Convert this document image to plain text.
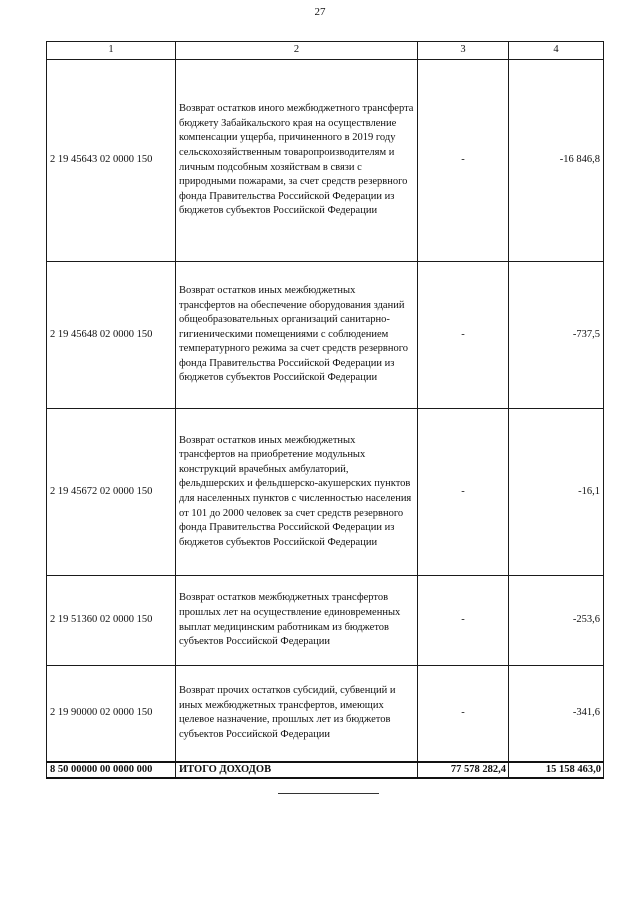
27
1	2	3	4
2 19 45643 02 0000 150	Возврат остатков иного межбюджетного трансферта бюджету Забайкальского края на осуществление компенсации ущерба, причиненного в 2019 году сельскохозяйственным товаропроизводителям и личным подсобным хозяйствам в связи с природными пожарами, за счет средств резервного фонда Правительства Российской Федерации из бюджетов субъектов Российской Федерации	-	-16 846,8
2 19 45648 02 0000 150	Возврат остатков иных межбюджетных трансфертов на обеспечение оборудования зданий общеобразовательных организаций санитарно-гигиеническими помещениями с соблюдением температурного режима за счет средств резервного фонда Правительства Российской Федерации из бюджетов субъектов Российской Федерации	-	-737,5
2 19 45672 02 0000 150	Возврат остатков иных межбюджетных трансфертов на приобретение модульных конструкций врачебных амбулаторий, фельдшерских и фельдшерско-акушерских пунктов для населенных пунктов с численностью населения от 101 до 2000 человек за счет средств резервного фонда Правительства Российской Федерации из бюджетов субъектов Российской Федерации	-	-16,1
2 19 51360 02 0000 150	Возврат остатков межбюджетных трансфертов прошлых лет на осуществление единовременных выплат медицинским работникам из бюджетов субъектов Российской Федерации	-	-253,6
2 19 90000 02 0000 150	Возврат прочих остатков субсидий, субвенций и иных межбюджетных трансфертов, имеющих целевое назначение, прошлых лет из бюджетов субъектов Российской Федерации	-	-341,6
8 50 00000 00 0000 000	ИТОГО ДОХОДОВ	77 578 282,4	15 158 463,0
